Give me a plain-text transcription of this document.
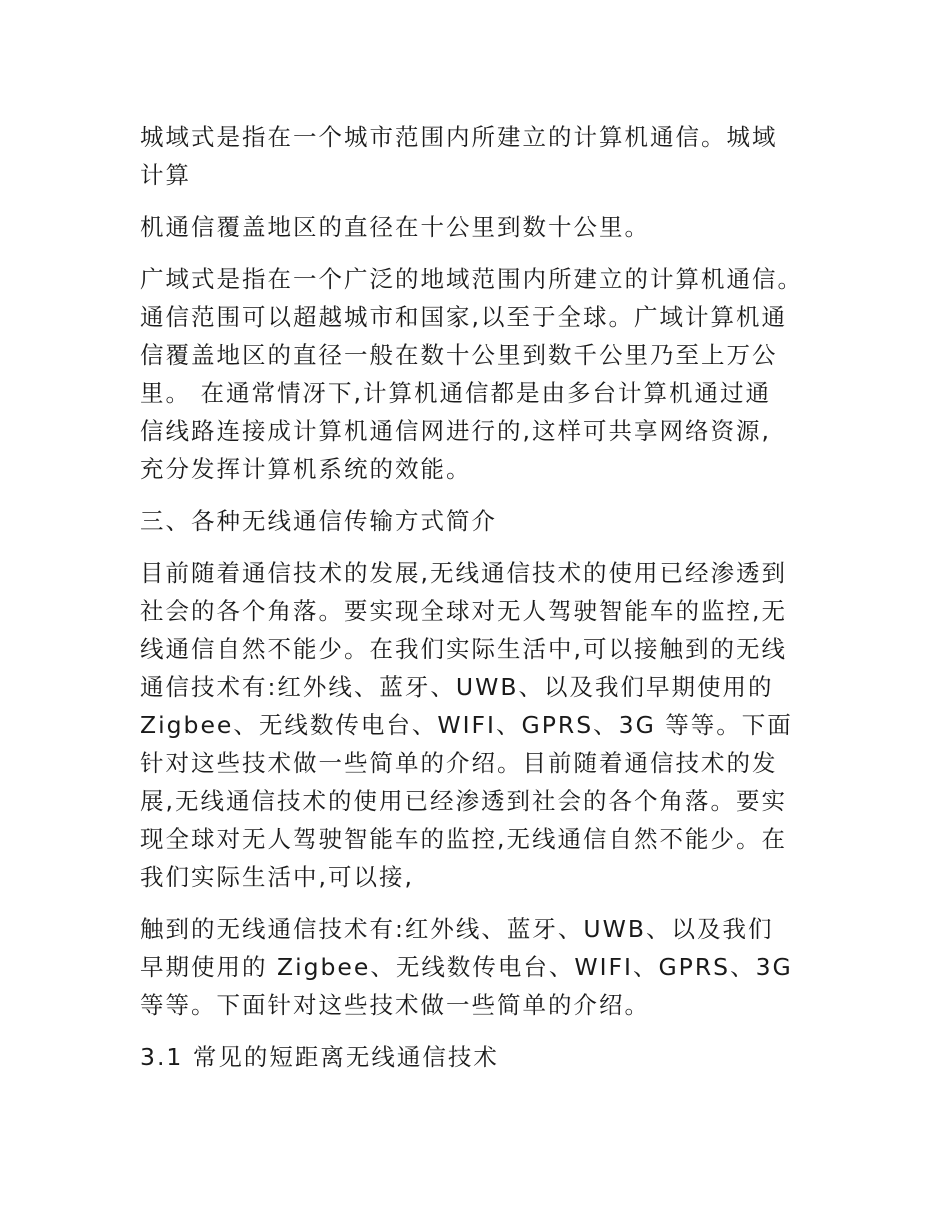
城域式是指在一个城市范围内所建立的计算机通信。城域
计算

机通信覆盖地区的直径在十公里到数十公里。

广域式是指在一个广泛的地域范围内所建立的计算机通信。
通信范围可以超越城市和国家,以至于全球。广域计算机通
信覆盖地区的直径一般在数十公里到数千公里乃至上万公
里。 在通常情冴下,计算机通信都是由多台计算机通过通
信线路连接成计算机通信网进行的,这样可共享网络资源,
充分发挥计算机系统的效能。

三、各种无线通信传输方式简介

目前随着通信技术的发展,无线通信技术的使用已经渗透到
社会的各个角落。要实现全球对无人驾驶智能车的监控,无
线通信自然不能少。在我们实际生活中,可以接触到的无线
通信技术有:红外线、蓝牙、UWB、以及我们早期使用的
Zigbee、无线数传电台、WIFI、GPRS、3G 等等。下面
针对这些技术做一些简单的介绍。目前随着通信技术的发
展,无线通信技术的使用已经渗透到社会的各个角落。要实
现全球对无人驾驶智能车的监控,无线通信自然不能少。在
我们实际生活中,可以接,

触到的无线通信技术有:红外线、蓝牙、UWB、以及我们
早期使用的 Zigbee、无线数传电台、WIFI、GPRS、3G
等等。下面针对这些技术做一些简单的介绍。

3.1 常见的短距离无线通信技术
